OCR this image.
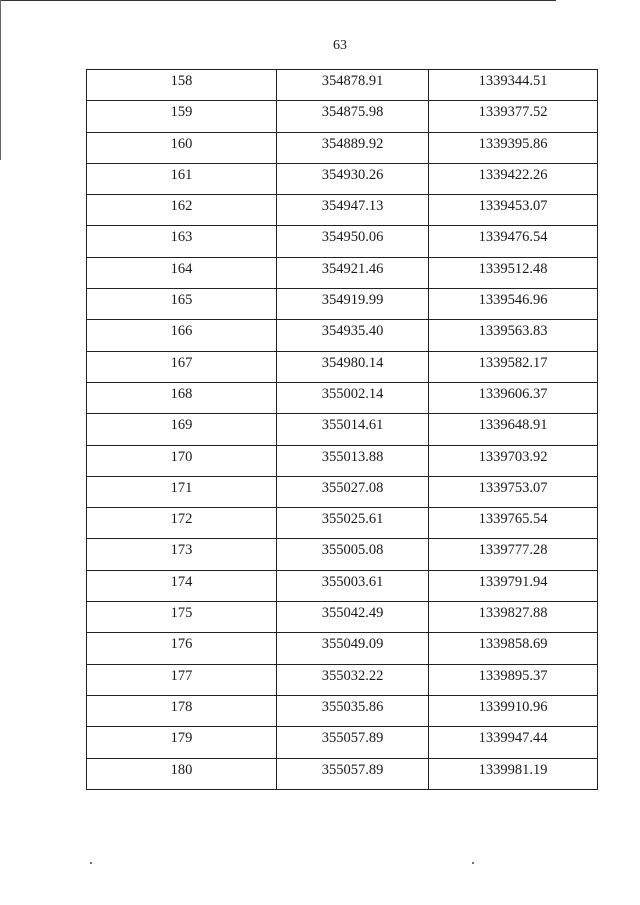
63
158	354878.91	1339344.51
159	354875.98	1339377.52
160	354889.92	1339395.86
161	354930.26	1339422.26
162	354947.13	1339453.07
163	354950.06	1339476.54
164	354921.46	1339512.48
165	354919.99	1339546.96
166	354935.40	1339563.83
167	354980.14	1339582.17
168	355002.14	1339606.37
169	355014.61	1339648.91
170	355013.88	1339703.92
171	355027.08	1339753.07
172	355025.61	1339765.54
173	355005.08	1339777.28
174	355003.61	1339791.94
175	355042.49	1339827.88
176	355049.09	1339858.69
177	355032.22	1339895.37
178	355035.86	1339910.96
179	355057.89	1339947.44
180	355057.89	1339981.19
